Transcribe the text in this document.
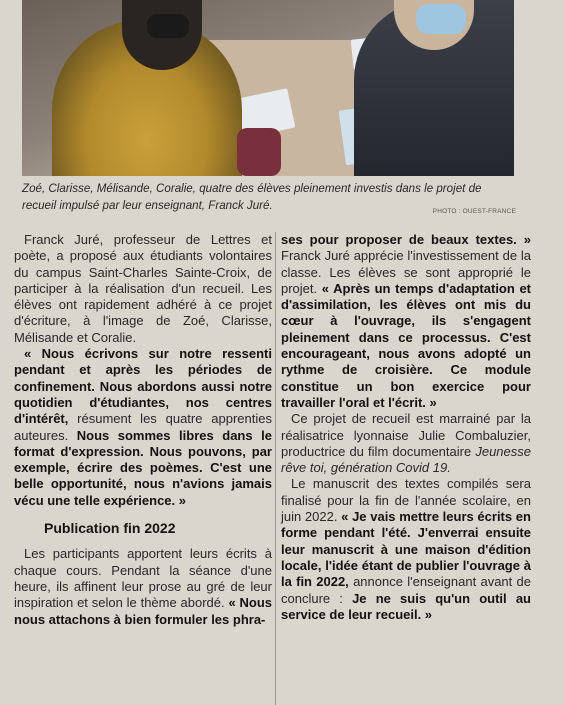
Zoé, Clarisse, Mélisande, Coralie, quatre des élèves pleinement investis dans le projet de recueil impulsé par leur enseignant, Franck Juré.	PHOTO : OUEST-FRANCE

Franck Juré, professeur de Lettres et poète, a proposé aux étudiants volontaires du campus Saint-Charles Sainte-Croix, de participer à la réalisation d'un recueil. Les élèves ont rapidement adhéré à ce projet d'écriture, à l'image de Zoé, Clarisse, Mélisande et Coralie.

« Nous écrivons sur notre ressenti pendant et après les périodes de confinement. Nous abordons aussi notre quotidien d'étudiantes, nos centres d'intérêt, résument les quatre apprenties auteures. Nous sommes libres dans le format d'expression. Nous pouvons, par exemple, écrire des poèmes. C'est une belle opportunité, nous n'avions jamais vécu une telle expérience. »

Publication fin 2022

Les participants apportent leurs écrits à chaque cours. Pendant la séance d'une heure, ils affinent leur prose au gré de leur inspiration et selon le thème abordé. « Nous nous attachons à bien formuler les phra-

ses pour proposer de beaux textes. » Franck Juré apprécie l'investissement de la classe. Les élèves se sont approprié le projet. « Après un temps d'adaptation et d'assimilation, les élèves ont mis du cœur à l'ouvrage, ils s'engagent pleinement dans ce processus. C'est encourageant, nous avons adopté un rythme de croisière. Ce module constitue un bon exercice pour travailler l'oral et l'écrit. »

Ce projet de recueil est marrainé par la réalisatrice lyonnaise Julie Combaluzier, productrice du film documentaire Jeunesse rêve toi, génération Covid 19.

Le manuscrit des textes compilés sera finalisé pour la fin de l'année scolaire, en juin 2022. « Je vais mettre leurs écrits en forme pendant l'été. J'enverrai ensuite leur manuscrit à une maison d'édition locale, l'idée étant de publier l'ouvrage à la fin 2022, annonce l'enseignant avant de conclure : Je ne suis qu'un outil au service de leur recueil. »
